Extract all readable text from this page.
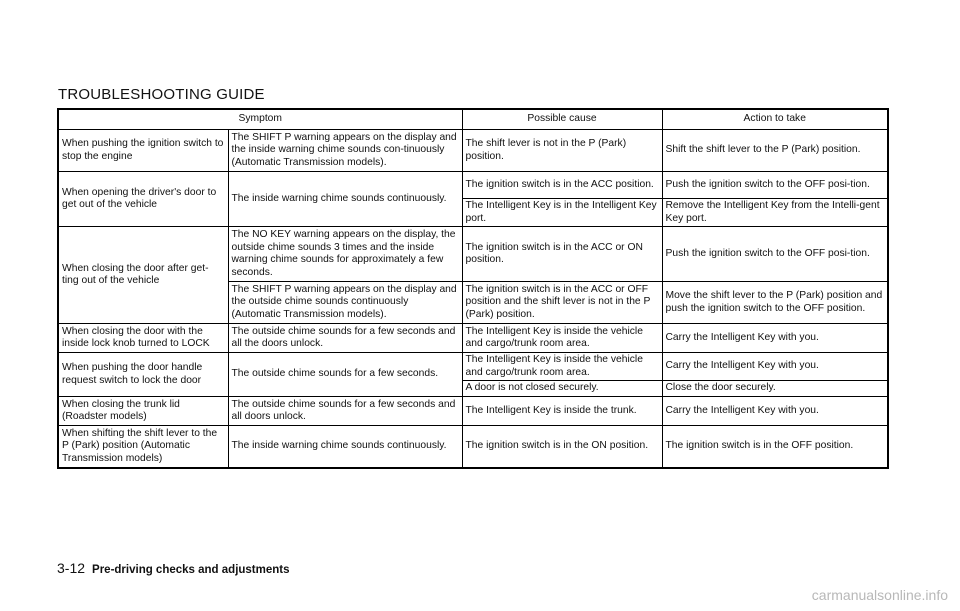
TROUBLESHOOTING GUIDE
Symptom		Possible cause	Action to take
When pushing the ignition switch to stop the engine	The SHIFT P warning appears on the display and the inside warning chime sounds con-tinuously (Automatic Transmission models).	The shift lever is not in the P (Park) position.	Shift the shift lever to the P (Park) position.
When opening the driver's door to get out of the vehicle	The inside warning chime sounds continuously.	The ignition switch is in the ACC position.	Push the ignition switch to the OFF posi-tion.
		The Intelligent Key is in the Intelligent Key port.	Remove the Intelligent Key from the Intelli-gent Key port.
When closing the door after get-ting out of the vehicle	The NO KEY warning appears on the display, the outside chime sounds 3 times and the inside warning chime sounds for approximately a few seconds.	The ignition switch is in the ACC or ON position.	Push the ignition switch to the OFF posi-tion.
	The SHIFT P warning appears on the display and the outside chime sounds continuously (Automatic Transmission models).	The ignition switch is in the ACC or OFF position and the shift lever is not in the P (Park) position.	Move the shift lever to the P (Park) position and push the ignition switch to the OFF position.
When closing the door with the inside lock knob turned to LOCK	The outside chime sounds for a few seconds and all the doors unlock.	The Intelligent Key is inside the vehicle and cargo/trunk room area.	Carry the Intelligent Key with you.
When pushing the door handle request switch to lock the door	The outside chime sounds for a few seconds.	The Intelligent Key is inside the vehicle and cargo/trunk room area.	Carry the Intelligent Key with you.
		A door is not closed securely.	Close the door securely.
When closing the trunk lid (Roadster models)	The outside chime sounds for a few seconds and all doors unlock.	The Intelligent Key is inside the trunk.	Carry the Intelligent Key with you.
When shifting the shift lever to the P (Park) position (Automatic Transmission models)	The inside warning chime sounds continuously.	The ignition switch is in the ON position.	The ignition switch is in the OFF position.
3-12 Pre-driving checks and adjustments
carmanualsonline.info
